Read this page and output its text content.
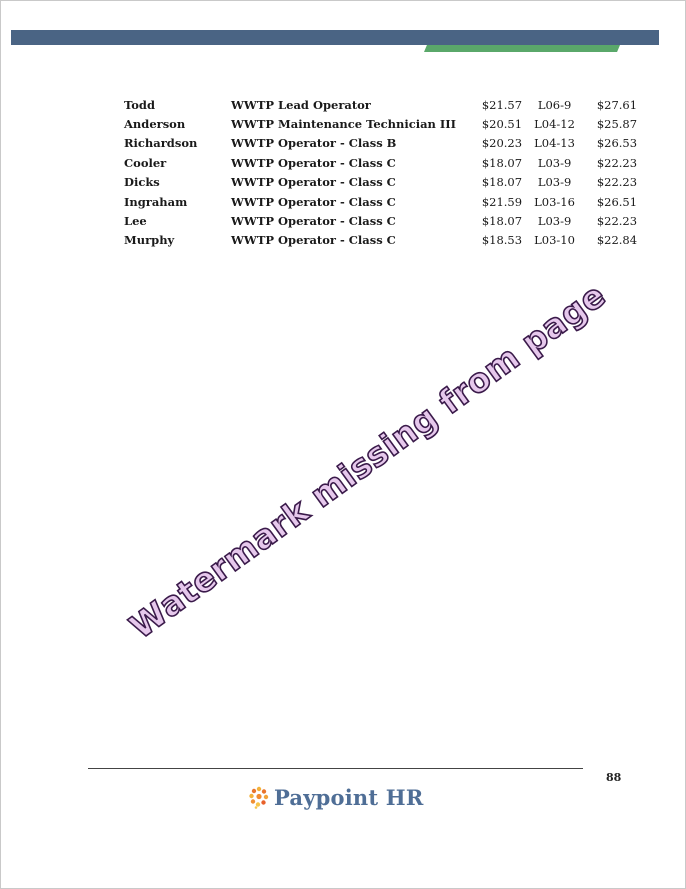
Todd	WWTP Lead Operator	$21.57	L06-9	$27.61
Anderson	WWTP Maintenance Technician III	$20.51	L04-12	$25.87
Richardson	WWTP Operator - Class B	$20.23	L04-13	$26.53
Cooler	WWTP Operator - Class C	$18.07	L03-9	$22.23
Dicks	WWTP Operator - Class C	$18.07	L03-9	$22.23
Ingraham	WWTP Operator - Class C	$21.59	L03-16	$26.51
Lee	WWTP Operator - Class C	$18.07	L03-9	$22.23
Murphy	WWTP Operator - Class C	$18.53	L03-10	$22.84
Watermark missing from page
88
Paypoint HR
